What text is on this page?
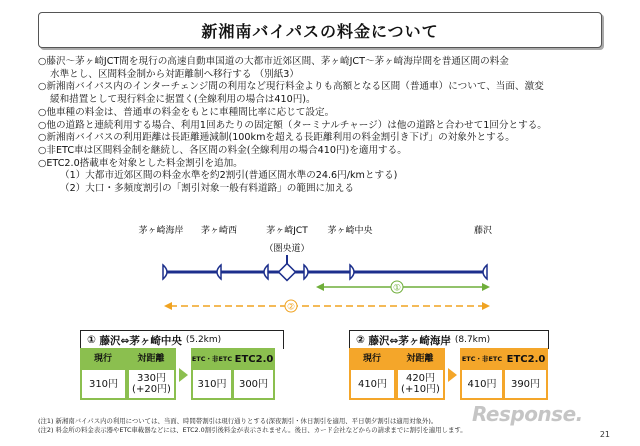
新湘南バイパスの料金について

○藤沢～茅ヶ崎JCT間を現行の高速自動車国道の大都市近郊区間、茅ヶ崎JCT～茅ヶ崎海岸間を普通区間の料金

水準とし、区間料金制から対距離制へ移行する （別紙3）

○新湘南バイパス内のインターチェンジ間の利用など現行料金よりも高額となる区間（普通車）について、当面、激変

緩和措置として現行料金に据置く(全線利用の場合は410円)。

○他車種の料金は、普通車の料金をもとに車種間比率に応じて設定。

○他の道路と連続利用する場合、利用1回あたりの固定額（ターミナルチャージ）は他の道路と合わせて1回分とする。

○新湘南バイパスの利用距離は長距離逓減制(100kmを超える長距離利用の料金割引き下げ」の対象外とする。

○非ETC車は区間料金制を継続し、各区間の料金(全線利用の場合410円)を適用する。

○ETC2.0搭載車を対象とした料金割引を追加。

（1）大都市近郊区間の料金水準を約2割引(普通区間水準の24.6円/kmとする)

（2）大口・多頻度割引の「割引対象一般有料道路」の範囲に加える

茅ヶ崎海岸 茅ヶ崎西	茅ヶ崎JCT
（圏央道）
茅ヶ崎中央	藤沢
①
②
①
藤沢⇔茅ヶ崎中央 (5.2km)
現行	対距離
310円	330円
(+20円)
ETC・非ETC ETC2.0
310円	300円
②
藤沢⇔茅ヶ崎海岸 (8.7km)
現行	対距離
410円	420円
(+10円)
ETC・非ETC ETC2.0
410円	390円
Response.
(注1) 新湘南バイパス内の利用については、当面、時間帯割引は現行通りとする(深夜割引・休日割引を適用、平日朝夕割引は適用対象外)。
(注2) 料金所の料金表示器やETC車載器などには、ETC2.0割引後料金が表示されません。後日、カード会社などからの請求までに割引を適用します。	21
